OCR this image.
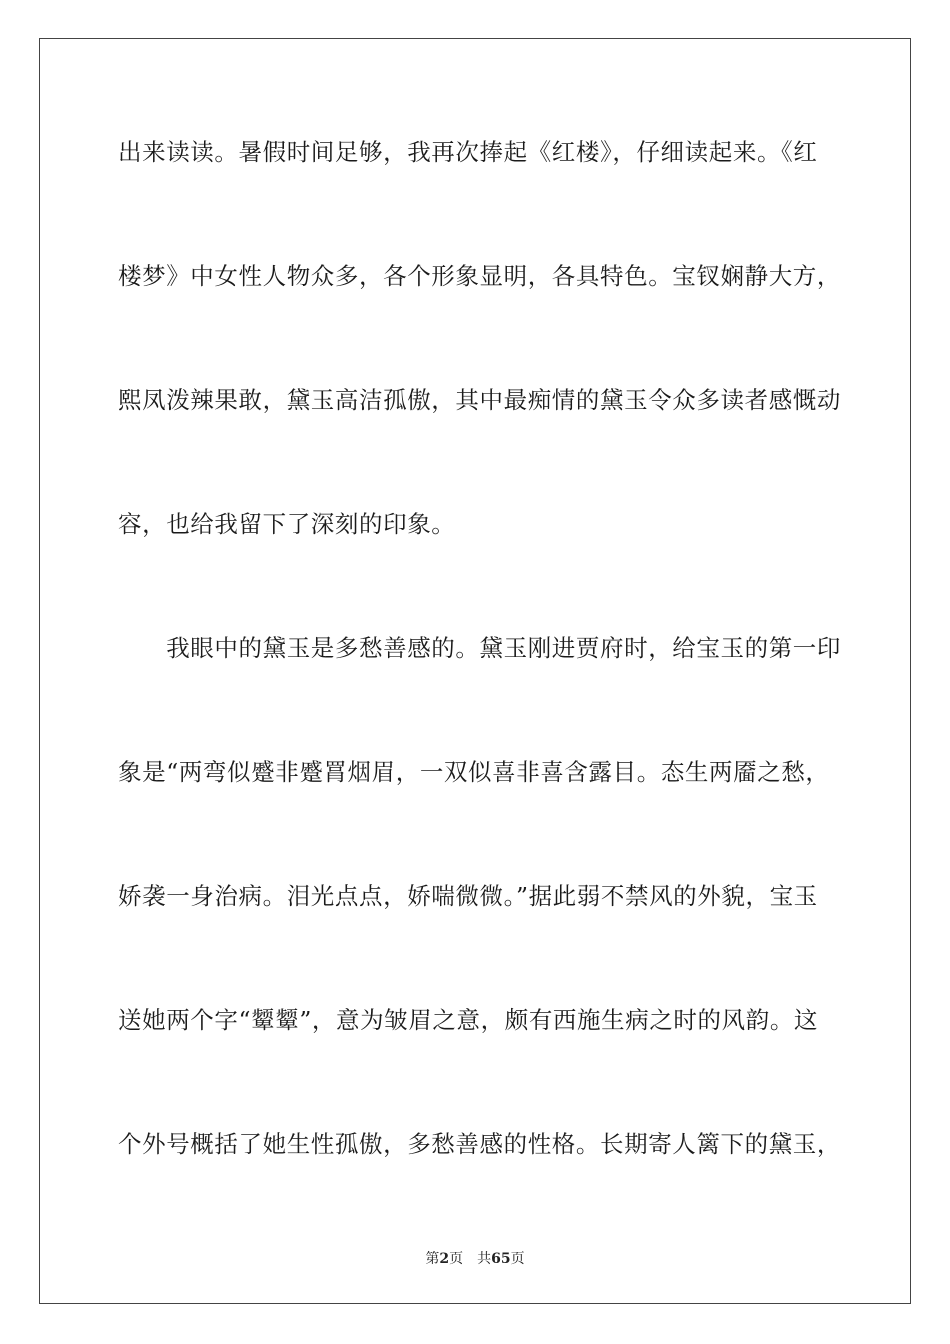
出来读读。暑假时间足够，我再次捧起《红楼》，仔细读起来。《红
楼梦》中女性人物众多，各个形象显明，各具特色。宝钗娴静大方，
熙凤泼辣果敢，黛玉高洁孤傲，其中最痴情的黛玉令众多读者感慨动
容，也给我留下了深刻的印象。
　　我眼中的黛玉是多愁善感的。黛玉刚进贾府时，给宝玉的第一印
象是“两弯似蹙非蹙罥烟眉，一双似喜非喜含露目。态生两靥之愁，
娇袭一身治病。泪光点点，娇喘微微。”据此弱不禁风的外貌，宝玉
送她两个字“颦颦”，意为皱眉之意，颇有西施生病之时的风韵。这
个外号概括了她生性孤傲，多愁善感的性格。长期寄人篱下的黛玉，
第2页 共65页
